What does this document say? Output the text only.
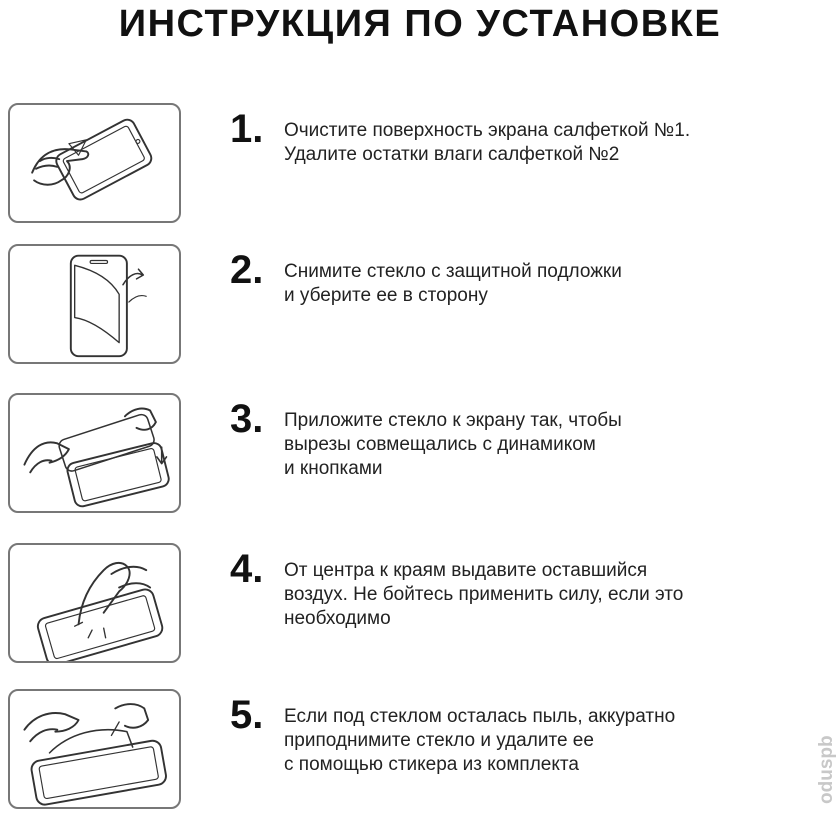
ИНСТРУКЦИЯ ПО УСТАНОВКЕ
1.	Очистите поверхность экрана салфеткой №1.
Удалите остатки влаги салфеткой №2
2.	Снимите стекло с защитной подложки
и уберите ее в сторону
3.	Приложите стекло к экрану так, чтобы
вырезы совмещались с динамиком
и кнопками
4.	От центра к краям выдавите оставшийся
воздух. Не бойтесь применить силу, если это
необходимо
5.	Если под стеклом осталась пыль, аккуратно
приподнимите стекло и удалите ее
с помощью стикера из комплекта	oduspb
